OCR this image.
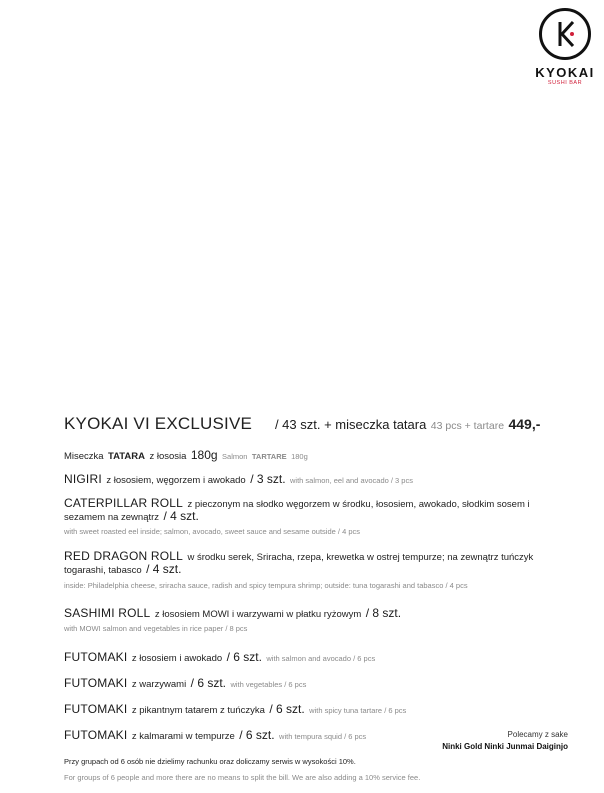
KYOKAI
SUSHI BAR
KYOKAI VI EXCLUSIVE / 43 szt. + miseczka tatara 43 pcs + tartare 449,-
Miseczka TATARA z łososia 180g Salmon TARTARE 180g
NIGIRI z łososiem, węgorzem i awokado / 3 szt. with salmon, eel and avocado / 3 pcs
CATERPILLAR ROLL z pieczonym na słodko węgorzem w środku, łososiem, awokado, słodkim sosem i sezamem na zewnątrz / 4 szt.
with sweet roasted eel inside; salmon, avocado, sweet sauce and sesame outside / 4 pcs
RED DRAGON ROLL w środku serek, Sriracha, rzepa, krewetka w ostrej tempurze; na zewnątrz tuńczyk togarashi, tabasco / 4 szt.
inside: Philadelphia cheese, sriracha sauce, radish and spicy tempura shrimp; outside: tuna togarashi and tabasco / 4 pcs
SASHIMI ROLL z łososiem MOWI i warzywami w płatku ryżowym / 8 szt.
with MOWI salmon and vegetables in rice paper / 8 pcs
FUTOMAKI z łososiem i awokado / 6 szt. with salmon and avocado / 6 pcs
FUTOMAKI z warzywami / 6 szt. with vegetables / 6 pcs
FUTOMAKI z pikantnym tatarem z tuńczyka / 6 szt. with spicy tuna tartare / 6 pcs
FUTOMAKI z kalmarami w tempurze / 6 szt. with tempura squid / 6 pcs	Polecamy z sake
Ninki Gold Ninki Junmai Daiginjo
Przy grupach od 6 osób nie dzielimy rachunku oraz doliczamy serwis w wysokości 10%.
For groups of 6 people and more there are no means to split the bill. We are also adding a 10% service fee.
